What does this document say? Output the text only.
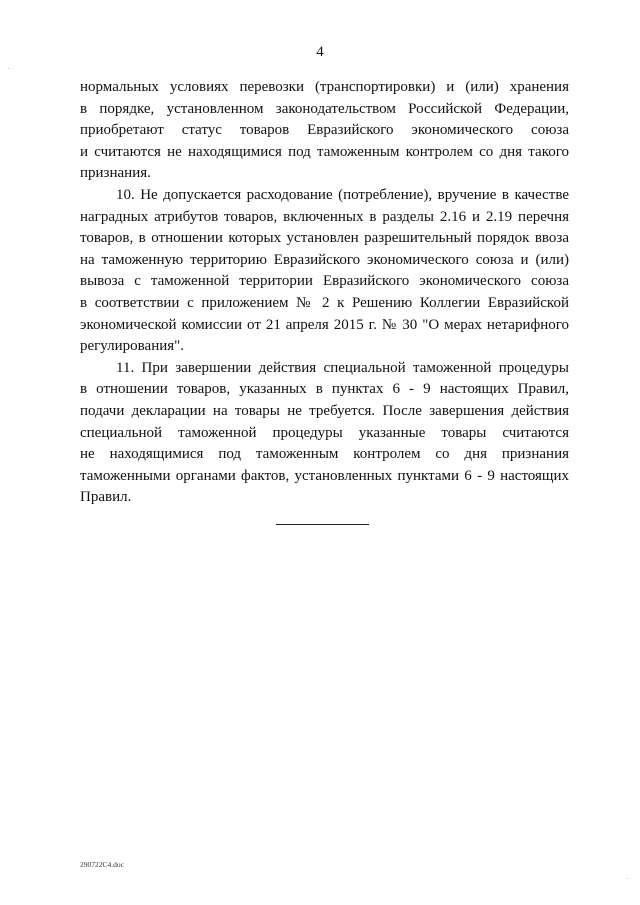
4
нормальных условиях перевозки (транспортировки) и (или) хранения
в порядке, установленном законодательством Российской Федерации,
приобретают статус товаров Евразийского экономического союза
и считаются не находящимися под таможенным контролем со дня такого
признания.
10. Не допускается расходование (потребление), вручение в качестве
наградных атрибутов товаров, включенных в разделы 2.16 и 2.19 перечня
товаров, в отношении которых установлен разрешительный порядок ввоза
на таможенную территорию Евразийского экономического союза и (или)
вывоза с таможенной территории Евразийского экономического союза
в соответствии с приложением № 2 к Решению Коллегии Евразийской
экономической комиссии от 21 апреля 2015 г. № 30 "О мерах нетарифного
регулирования".
11. При завершении действия специальной таможенной процедуры
в отношении товаров, указанных в пунктах 6 - 9 настоящих Правил,
подачи декларации на товары не требуется. После завершения действия
специальной таможенной процедуры указанные товары считаются
не находящимися под таможенным контролем со дня признания
таможенными органами фактов, установленных пунктами 6 - 9 настоящих
Правил.
290722C4.doc
